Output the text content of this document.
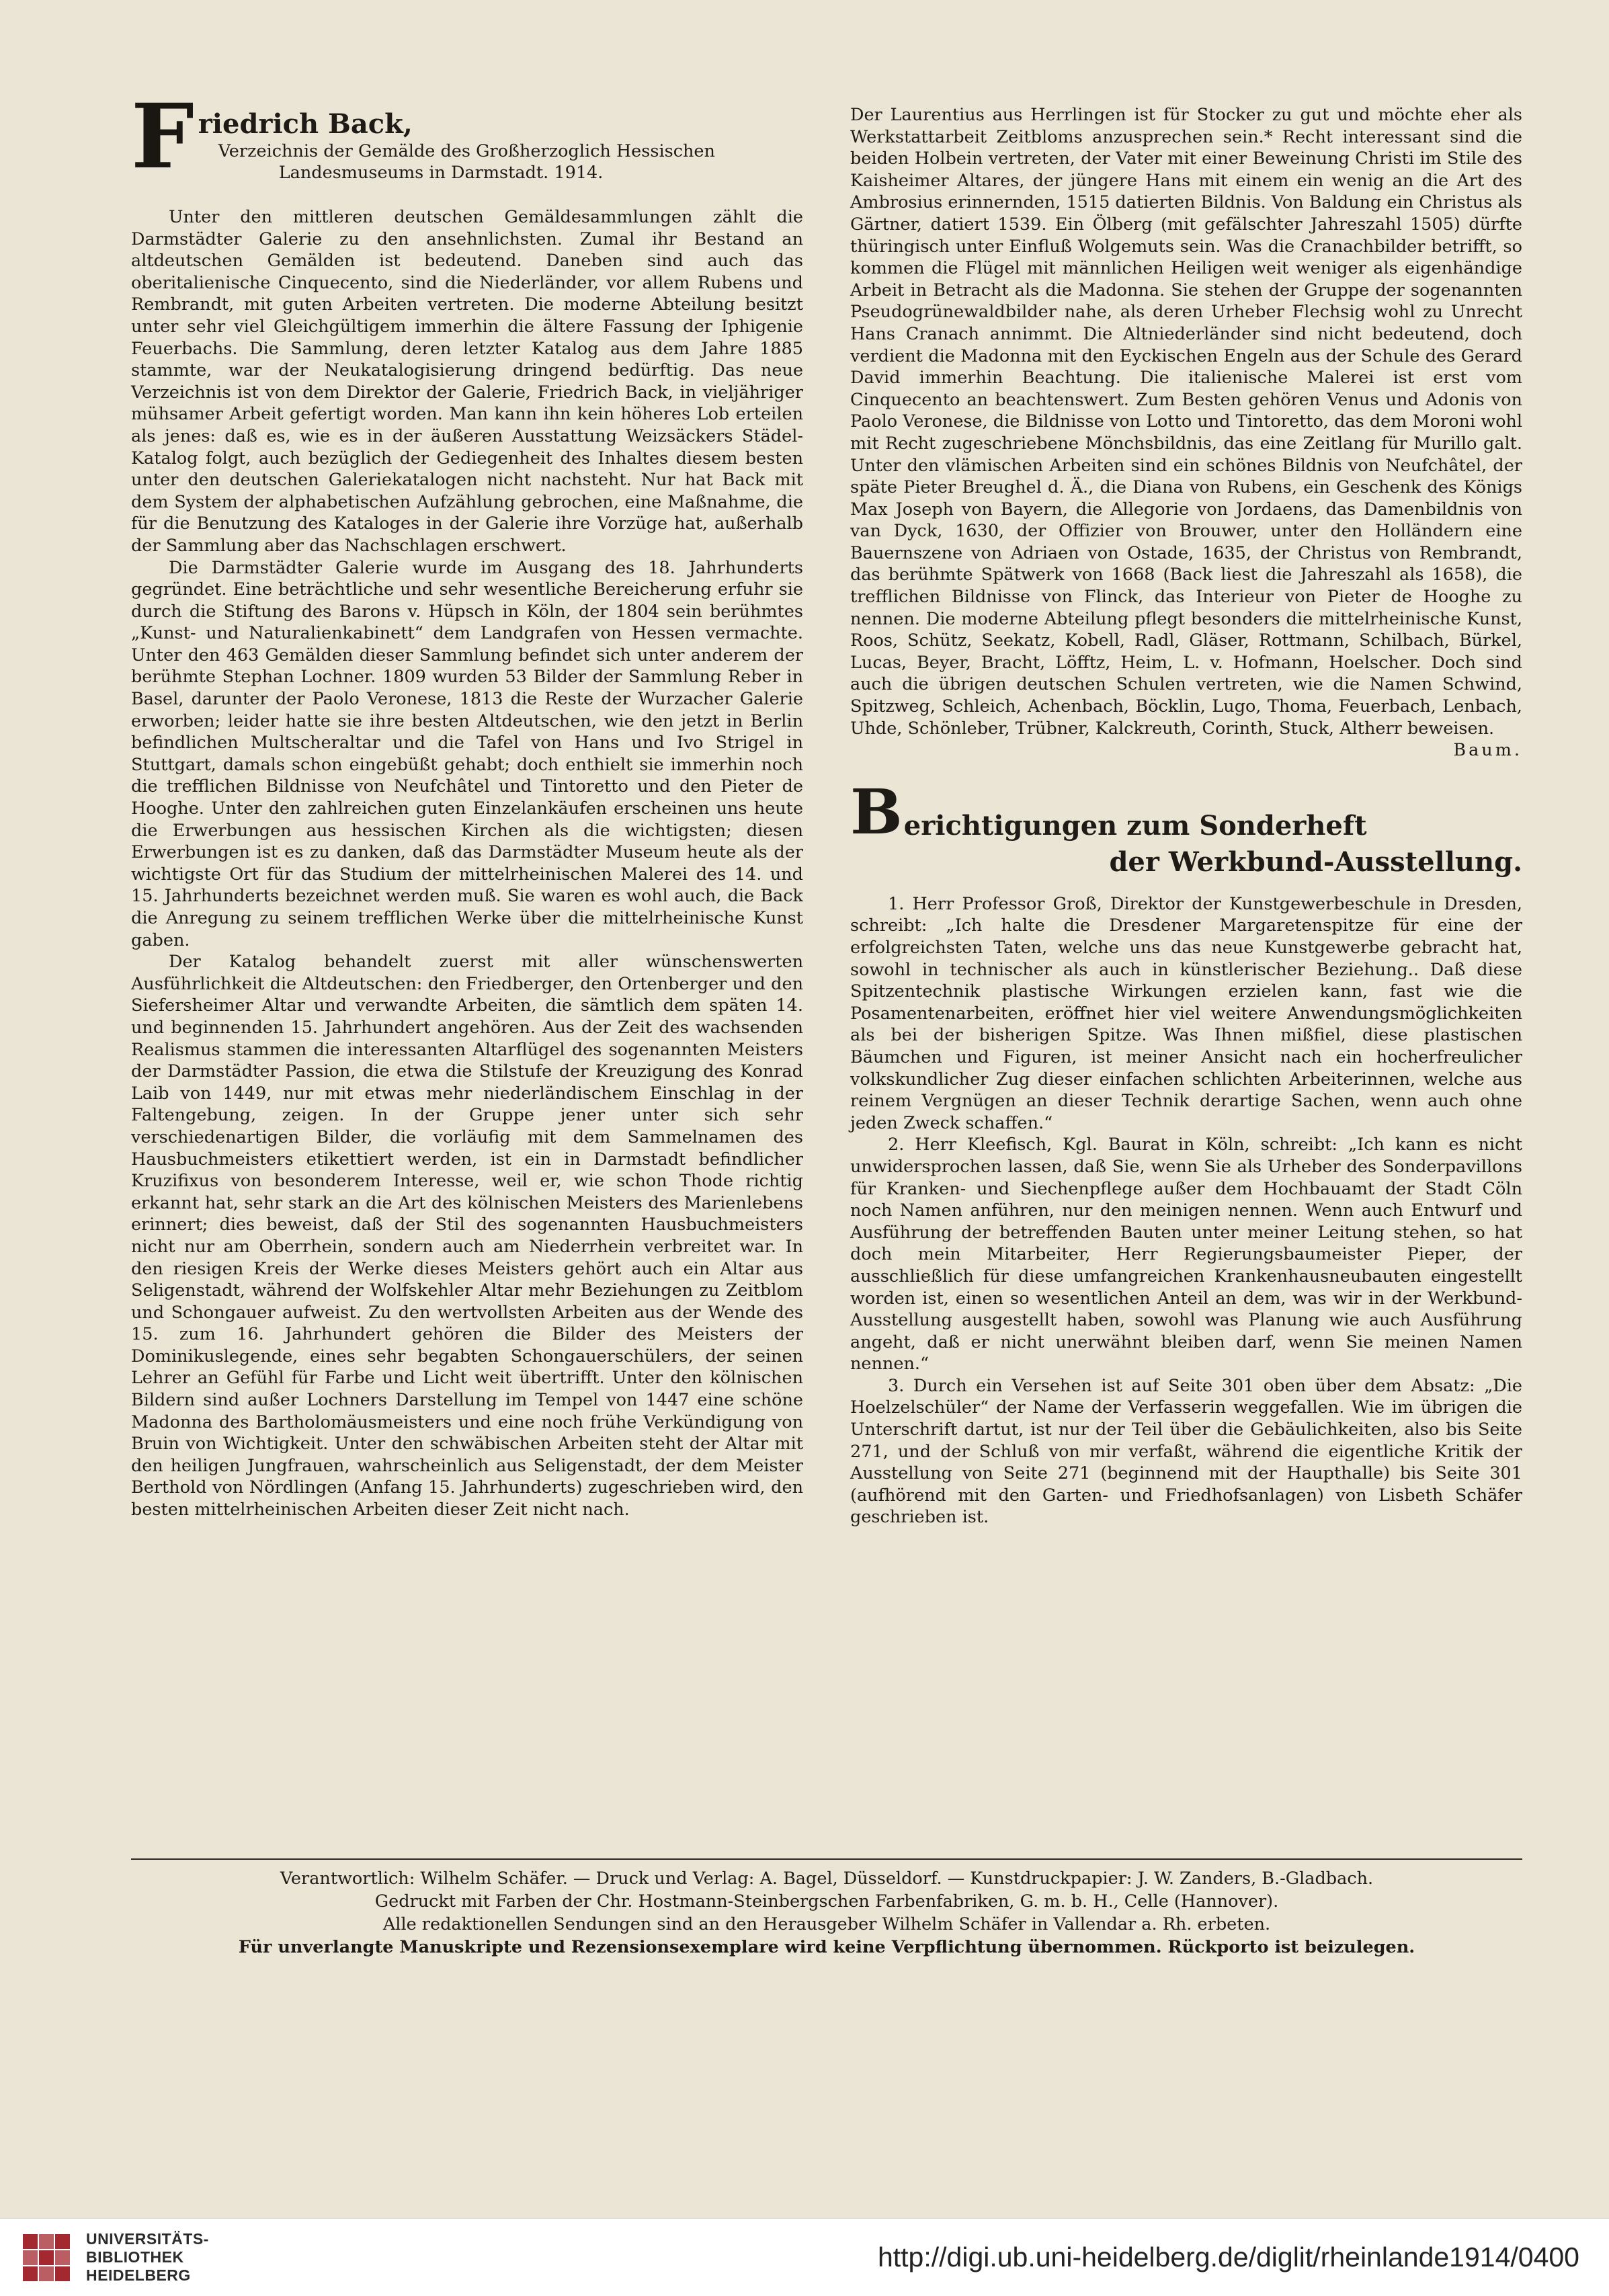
F riedrich Back,
Verzeichnis der Gemälde des Großherzoglich Hessischen
Landesmuseums in Darmstadt. 1914.

Unter den mittleren deutschen Gemäldesammlungen zählt die Darmstädter Galerie zu den ansehnlichsten. Zumal ihr Bestand an altdeutschen Gemälden ist bedeutend. Daneben sind auch das oberitalienische Cinquecento, sind die Niederländer, vor allem Rubens und Rembrandt, mit guten Arbeiten vertreten. Die moderne Abteilung besitzt unter sehr viel Gleichgültigem immerhin die ältere Fassung der Iphigenie Feuerbachs. Die Sammlung, deren letzter Katalog aus dem Jahre 1885 stammte, war der Neukatalogisierung dringend bedürftig. Das neue Verzeichnis ist von dem Direktor der Galerie, Friedrich Back, in vieljähriger mühsamer Arbeit gefertigt worden. Man kann ihn kein höheres Lob erteilen als jenes: daß es, wie es in der äußeren Ausstattung Weizsäckers Städel-Katalog folgt, auch bezüglich der Gediegenheit des Inhaltes diesem besten unter den deutschen Galeriekatalogen nicht nachsteht. Nur hat Back mit dem System der alphabetischen Aufzählung gebrochen, eine Maßnahme, die für die Benutzung des Kataloges in der Galerie ihre Vorzüge hat, außerhalb der Sammlung aber das Nachschlagen erschwert.

Die Darmstädter Galerie wurde im Ausgang des 18. Jahrhunderts gegründet. Eine beträchtliche und sehr wesentliche Bereicherung erfuhr sie durch die Stiftung des Barons v. Hüpsch in Köln, der 1804 sein berühmtes „Kunst- und Naturalienkabinett“ dem Landgrafen von Hessen vermachte. Unter den 463 Gemälden dieser Sammlung befindet sich unter anderem der berühmte Stephan Lochner. 1809 wurden 53 Bilder der Sammlung Reber in Basel, darunter der Paolo Veronese, 1813 die Reste der Wurzacher Galerie erworben; leider hatte sie ihre besten Altdeutschen, wie den jetzt in Berlin befindlichen Multscheraltar und die Tafel von Hans und Ivo Strigel in Stuttgart, damals schon eingebüßt gehabt; doch enthielt sie immerhin noch die trefflichen Bildnisse von Neufchâtel und Tintoretto und den Pieter de Hooghe. Unter den zahlreichen guten Einzelankäufen erscheinen uns heute die Erwerbungen aus hessischen Kirchen als die wichtigsten; diesen Erwerbungen ist es zu danken, daß das Darmstädter Museum heute als der wichtigste Ort für das Studium der mittelrheinischen Malerei des 14. und 15. Jahrhunderts bezeichnet werden muß. Sie waren es wohl auch, die Back die Anregung zu seinem trefflichen Werke über die mittelrheinische Kunst gaben.

Der Katalog behandelt zuerst mit aller wünschenswerten Ausführlichkeit die Altdeutschen: den Friedberger, den Ortenberger und den Siefersheimer Altar und verwandte Arbeiten, die sämtlich dem späten 14. und beginnenden 15. Jahrhundert angehören. Aus der Zeit des wachsenden Realismus stammen die interessanten Altarflügel des sogenannten Meisters der Darmstädter Passion, die etwa die Stilstufe der Kreuzigung des Konrad Laib von 1449, nur mit etwas mehr niederländischem Einschlag in der Faltengebung, zeigen. In der Gruppe jener unter sich sehr verschiedenartigen Bilder, die vorläufig mit dem Sammelnamen des Hausbuchmeisters etikettiert werden, ist ein in Darmstadt befindlicher Kruzifixus von besonderem Interesse, weil er, wie schon Thode richtig erkannt hat, sehr stark an die Art des kölnischen Meisters des Marienlebens erinnert; dies beweist, daß der Stil des sogenannten Hausbuchmeisters nicht nur am Oberrhein, sondern auch am Niederrhein verbreitet war. In den riesigen Kreis der Werke dieses Meisters gehört auch ein Altar aus Seligenstadt, während der Wolfskehler Altar mehr Beziehungen zu Zeitblom und Schongauer aufweist. Zu den wertvollsten Arbeiten aus der Wende des 15. zum 16. Jahrhundert gehören die Bilder des Meisters der Dominikuslegende, eines sehr begabten Schongauerschülers, der seinen Lehrer an Gefühl für Farbe und Licht weit übertrifft. Unter den kölnischen Bildern sind außer Lochners Darstellung im Tempel von 1447 eine schöne Madonna des Bartholomäusmeisters und eine noch frühe Verkündigung von Bruin von Wichtigkeit. Unter den schwäbischen Arbeiten steht der Altar mit den heiligen Jungfrauen, wahrscheinlich aus Seligenstadt, der dem Meister Berthold von Nördlingen (Anfang 15. Jahrhunderts) zugeschrieben wird, den besten mittelrheinischen Arbeiten dieser Zeit nicht nach.

Der Laurentius aus Herrlingen ist für Stocker zu gut und möchte eher als Werkstattarbeit Zeitbloms anzusprechen sein.* Recht interessant sind die beiden Holbein vertreten, der Vater mit einer Beweinung Christi im Stile des Kaisheimer Altares, der jüngere Hans mit einem ein wenig an die Art des Ambrosius erinnernden, 1515 datierten Bildnis. Von Baldung ein Christus als Gärtner, datiert 1539. Ein Ölberg (mit gefälschter Jahreszahl 1505) dürfte thüringisch unter Einfluß Wolgemuts sein. Was die Cranachbilder betrifft, so kommen die Flügel mit männlichen Heiligen weit weniger als eigenhändige Arbeit in Betracht als die Madonna. Sie stehen der Gruppe der sogenannten Pseudogrünewaldbilder nahe, als deren Urheber Flechsig wohl zu Unrecht Hans Cranach annimmt. Die Altniederländer sind nicht bedeutend, doch verdient die Madonna mit den Eyckischen Engeln aus der Schule des Gerard David immerhin Beachtung. Die italienische Malerei ist erst vom Cinquecento an beachtenswert. Zum Besten gehören Venus und Adonis von Paolo Veronese, die Bildnisse von Lotto und Tintoretto, das dem Moroni wohl mit Recht zugeschriebene Mönchsbildnis, das eine Zeitlang für Murillo galt. Unter den vlämischen Arbeiten sind ein schönes Bildnis von Neufchâtel, der späte Pieter Breughel d. Ä., die Diana von Rubens, ein Geschenk des Königs Max Joseph von Bayern, die Allegorie von Jordaens, das Damenbildnis von van Dyck, 1630, der Offizier von Brouwer, unter den Holländern eine Bauernszene von Adriaen von Ostade, 1635, der Christus von Rembrandt, das berühmte Spätwerk von 1668 (Back liest die Jahreszahl als 1658), die trefflichen Bildnisse von Flinck, das Interieur von Pieter de Hooghe zu nennen. Die moderne Abteilung pflegt besonders die mittelrheinische Kunst, Roos, Schütz, Seekatz, Kobell, Radl, Gläser, Rottmann, Schilbach, Bürkel, Lucas, Beyer, Bracht, Löfftz, Heim, L. v. Hofmann, Hoelscher. Doch sind auch die übrigen deutschen Schulen vertreten, wie die Namen Schwind, Spitzweg, Schleich, Achenbach, Böcklin, Lugo, Thoma, Feuerbach, Lenbach, Uhde, Schönleber, Trübner, Kalckreuth, Corinth, Stuck, Altherr beweisen.

Baum.
B erichtigungen zum Sonderheft
der Werkbund-Ausstellung.

1. Herr Professor Groß, Direktor der Kunstgewerbeschule in Dresden, schreibt: „Ich halte die Dresdener Margaretenspitze für eine der erfolgreichsten Taten, welche uns das neue Kunstgewerbe gebracht hat, sowohl in technischer als auch in künstlerischer Beziehung.. Daß diese Spitzentechnik plastische Wirkungen erzielen kann, fast wie die Posamentenarbeiten, eröffnet hier viel weitere Anwendungsmöglichkeiten als bei der bisherigen Spitze. Was Ihnen mißfiel, diese plastischen Bäumchen und Figuren, ist meiner Ansicht nach ein hocherfreulicher volkskundlicher Zug dieser einfachen schlichten Arbeiterinnen, welche aus reinem Vergnügen an dieser Technik derartige Sachen, wenn auch ohne jeden Zweck schaffen.“

2. Herr Kleefisch, Kgl. Baurat in Köln, schreibt: „Ich kann es nicht unwidersprochen lassen, daß Sie, wenn Sie als Urheber des Sonderpavillons für Kranken- und Siechenpflege außer dem Hochbauamt der Stadt Cöln noch Namen anführen, nur den meinigen nennen. Wenn auch Entwurf und Ausführung der betreffenden Bauten unter meiner Leitung stehen, so hat doch mein Mitarbeiter, Herr Regierungsbaumeister Pieper, der ausschließlich für diese umfangreichen Krankenhausneubauten eingestellt worden ist, einen so wesentlichen Anteil an dem, was wir in der Werkbund-Ausstellung ausgestellt haben, sowohl was Planung wie auch Ausführung angeht, daß er nicht unerwähnt bleiben darf, wenn Sie meinen Namen nennen.“

3. Durch ein Versehen ist auf Seite 301 oben über dem Absatz: „Die Hoelzelschüler“ der Name der Verfasserin weggefallen. Wie im übrigen die Unterschrift dartut, ist nur der Teil über die Gebäulichkeiten, also bis Seite 271, und der Schluß von mir verfaßt, während die eigentliche Kritik der Ausstellung von Seite 271 (beginnend mit der Haupthalle) bis Seite 301 (aufhörend mit den Garten- und Friedhofsanlagen) von Lisbeth Schäfer geschrieben ist.

Verantwortlich: Wilhelm Schäfer. — Druck und Verlag: A. Bagel, Düsseldorf. — Kunstdruckpapier: J. W. Zanders, B.-Gladbach.
Gedruckt mit Farben der Chr. Hostmann-Steinbergschen Farbenfabriken, G. m. b. H., Celle (Hannover).
Alle redaktionellen Sendungen sind an den Herausgeber Wilhelm Schäfer in Vallendar a. Rh. erbeten.
Für unverlangte Manuskripte und Rezensionsexemplare wird keine Verpflichtung übernommen. Rückporto ist beizulegen.
UNIVERSITÄTS-
BIBLIOTHEK
HEIDELBERG
http://digi.ub.uni-heidelberg.de/diglit/rheinlande1914/0400
